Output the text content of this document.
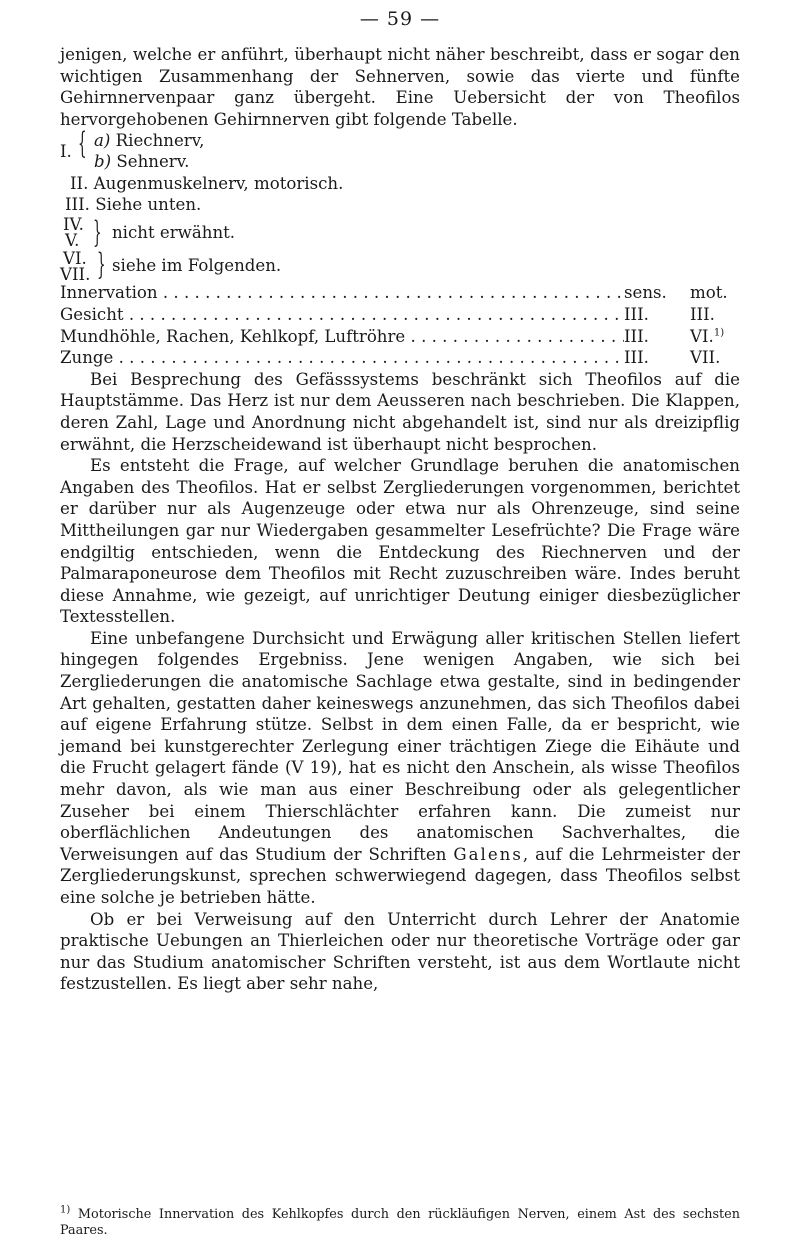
— 59 —

jenigen, welche er anführt, überhaupt nicht näher beschreibt, dass er sogar den wichtigen Zusammenhang der Sehnerven, sowie das vierte und fünfte Gehirnnervenpaar ganz übergeht. Eine Uebersicht der von Theofilos hervorgehobenen Gehirnnerven gibt folgende Tabelle.

I. { a) Riechnerv,
b) Sehnerv.
II. Augenmuskelnerv, motorisch.
III. Siehe unten.
IV.
V. } nicht erwähnt.
VI.
VII. } siehe im Folgenden.
Innervation . . .	sens.	mot.
Gesicht . . .	III.	III.
Mundhöhle, Rachen, Kehlkopf, Luftröhre . . .	III.	VI.$^{1)}$
Zunge . . .	III.	VII.

Bei Besprechung des Gefässsystems beschränkt sich Theofilos auf die Hauptstämme. Das Herz ist nur dem Aeusseren nach beschrieben. Die Klappen, deren Zahl, Lage und Anordnung nicht abgehandelt ist, sind nur als dreizipflig erwähnt, die Herzscheidewand ist überhaupt nicht besprochen.

Es entsteht die Frage, auf welcher Grundlage beruhen die anatomischen Angaben des Theofilos. Hat er selbst Zergliederungen vorgenommen, berichtet er darüber nur als Augenzeuge oder etwa nur als Ohrenzeuge, sind seine Mittheilungen gar nur Wiedergaben gesammelter Lesefrüchte? Die Frage wäre endgiltig entschieden, wenn die Entdeckung des Riechnerven und der Palmaraponeurose dem Theofilos mit Recht zuzuschreiben wäre. Indes beruht diese Annahme, wie gezeigt, auf unrichtiger Deutung einiger diesbezüglicher Textesstellen.

Eine unbefangene Durchsicht und Erwägung aller kritischen Stellen liefert hingegen folgendes Ergebniss. Jene wenigen Angaben, wie sich bei Zergliederungen die anatomische Sachlage etwa gestalte, sind in bedingender Art gehalten, gestatten daher keineswegs anzunehmen, das sich Theofilos dabei auf eigene Erfahrung stütze. Selbst in dem einen Falle, da er bespricht, wie jemand bei kunstgerechter Zerlegung einer trächtigen Ziege die Eihäute und die Frucht gelagert fände (V 19), hat es nicht den Anschein, als wisse Theofilos mehr davon, als wie man aus einer Beschreibung oder als gelegentlicher Zuseher bei einem Thierschlächter erfahren kann. Die zumeist nur oberflächlichen Andeutungen des anatomischen Sachverhaltes, die Verweisungen auf das Studium der Schriften Galens, auf die Lehrmeister der Zergliederungskunst, sprechen schwerwiegend dagegen, dass Theofilos selbst eine solche je betrieben hätte.

Ob er bei Verweisung auf den Unterricht durch Lehrer der Anatomie praktische Uebungen an Thierleichen oder nur theoretische Vorträge oder gar nur das Studium anatomischer Schriften versteht, ist aus dem Wortlaute nicht festzustellen. Es liegt aber sehr nahe,

$^{1)}$ Motorische Innervation des Kehlkopfes durch den rückläufigen Nerven, einem Ast des sechsten Paares.
